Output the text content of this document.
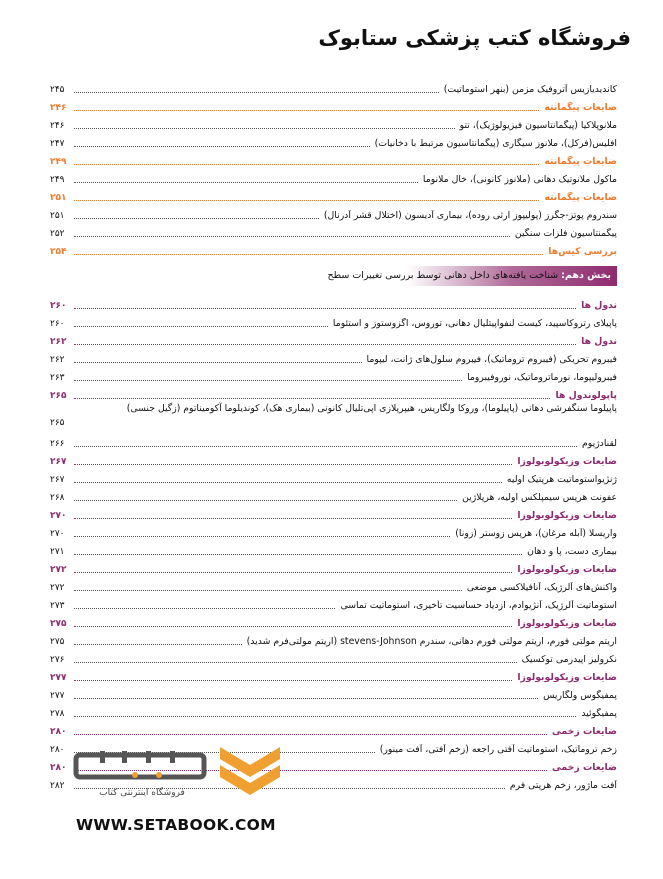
فروشگاه کتب پزشکی ستابوک
کاندیدیازیس آتروفیک مزمن (بنهر استوماتیت)
۲۴۵
ضایعات پیگمانته
۲۴۶
ملانوپلاکیا (پیگمانتاسیون فیزیولوژیک)، تتو
۲۴۶
افلیس(فرکل)، ملانوز سیگاری (پیگمانتاسیون مرتبط با دخانیات)
۲۴۷
ضایعات پیگمانته
۲۴۹
ماکول ملانوتیک دهانی (ملانوز کانونی)، خال ملانوما
۲۴۹
ضایعات پیگمانته
۲۵۱
سندروم پوتز-جگرز (پولیپوز ارثی روده)، بیماری آدیسون (اختلال قشر آدرنال)
۲۵۱
پیگمنتاسیون فلزات سنگین
۲۵۲
بررسی کیس‌ها
۲۵۴
بخش دهم: شناخت یافته‌های داخل دهانی توسط بررسی تغییرات سطح
ندول ها
۲۶۰
پاپیلای رتروکاسپید، کیست لنفواپیتلیال دهانی، توروس، اگزوستوز و استئوما
۲۶۰
ندول ها
۲۶۲
فیبروم تحریکی (فیبروم تروماتیک)، فیبروم سلول‌های ژانت، لیپوما
۲۶۲
فیبرولیپوما، نورماتروماتیک، نوروفیبروما
۲۶۳
پاپولوندول ها
۲۶۵
پاپیلوما سنگفرشی دهانی (پاپیلوما)، وروکا ولگاریس، هیپرپلازی اپی‌تلیال کانونی (بیماری هک)، کوندیلوما آکومیناتوم (زگیل جنسی)
۲۶۵
لقنادژیوم
۲۶۶
ضایعات وزیکولوبولوزا
۲۶۷
ژنژیواستوماتیت هرپتیک اولیه
۲۶۷
عفونت هرپس سیمپلکس اولیه، هرپلاژین
۲۶۸
ضایعات وزیکولوبولوزا
۲۷۰
واریسلا (آبله مرغان)، هرپس زوستر (زونا)
۲۷۰
بیماری دست، پا و دهان
۲۷۱
ضایعات وزیکولوبولوزا
۲۷۲
واکنش‌های آلرژیک، آنافیلاکسی موضعی
۲۷۲
استوماتیت آلرژیک، آنژیوادم، ازدیاد حساسیت تأخیری، استوماتیت تماسی
۲۷۳
ضایعات وزیکولوبولوزا
۲۷۵
اریتم مولتی فورم، اریتم مولتی فورم دهانی، سندرم stevens-Johnson (اریتم مولتی‌فرم شدید)
۲۷۵
نکرولیز اپیدرمی توکسیک
۲۷۶
ضایعات وزیکولوبولوزا
۲۷۷
پمفیگوس ولگاریس
۲۷۷
پمفیگوئید
۲۷۸
ضایعات زخمی
۲۸۰
زخم تروماتیک، استوماتیت آفتی راجعه (زخم آفتی، آفت مینور)
۲۸۰
ضایعات زخمی
۲۸۰
آفت ماژور، زخم هرپتی فرم
۲۸۲
فروشگاه اینترنتی کتاب
WWW.SETABOOK.COM
